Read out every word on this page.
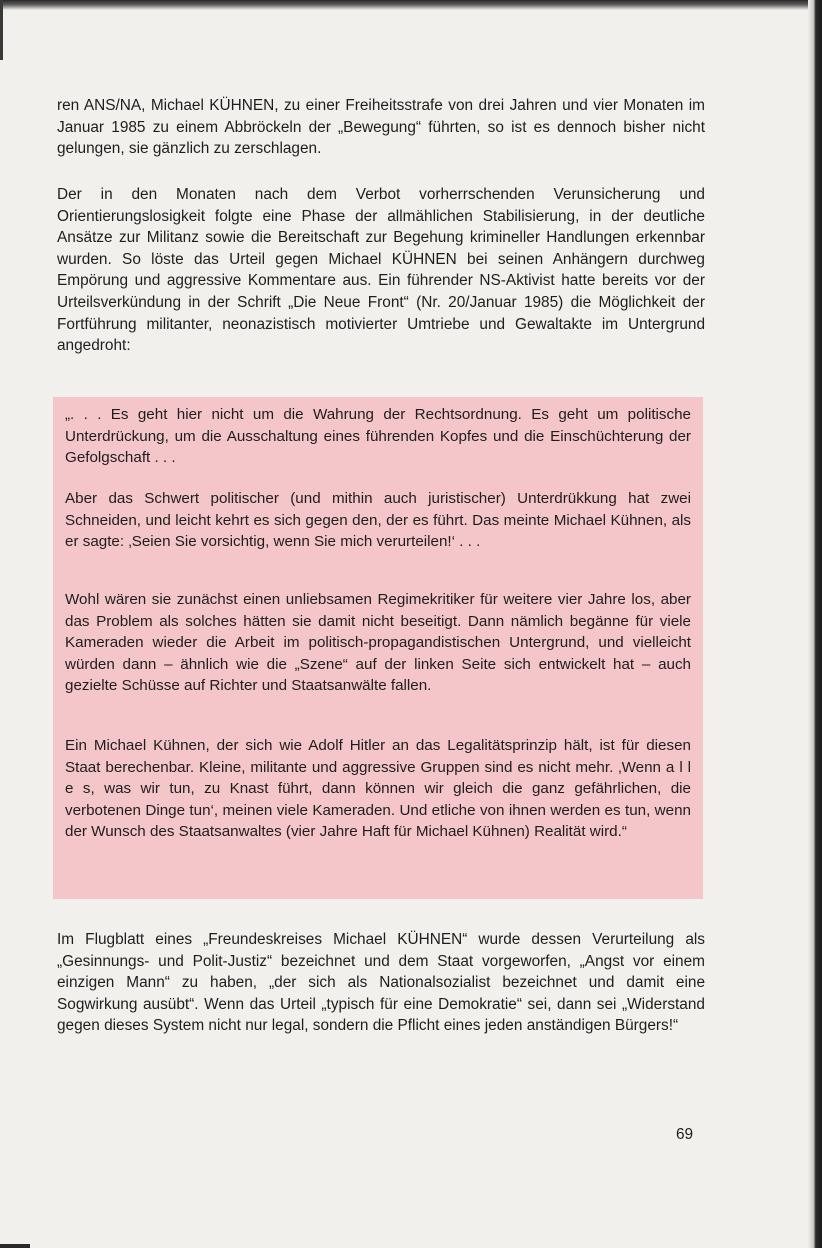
ren ANS/NA, Michael KÜHNEN, zu einer Freiheitsstrafe von drei Jahren und vier Monaten im Januar 1985 zu einem Abbröckeln der „Bewegung“ führten, so ist es dennoch bisher nicht gelungen, sie gänzlich zu zerschlagen.

Der in den Monaten nach dem Verbot vorherrschenden Verunsicherung und Orientierungslosigkeit folgte eine Phase der allmählichen Stabilisierung, in der deutliche Ansätze zur Militanz sowie die Bereitschaft zur Begehung krimineller Handlungen erkennbar wurden. So löste das Urteil gegen Michael KÜHNEN bei seinen Anhängern durchweg Empörung und aggressive Kommentare aus. Ein führender NS-Aktivist hatte bereits vor der Urteilsverkündung in der Schrift „Die Neue Front“ (Nr. 20/Januar 1985) die Möglichkeit der Fortführung militanter, neonazistisch motivierter Umtriebe und Gewaltakte im Untergrund angedroht:

„. . . Es geht hier nicht um die Wahrung der Rechtsordnung. Es geht um politische Unterdrückung, um die Ausschaltung eines führenden Kopfes und die Einschüchterung der Gefolgschaft . . .

Aber das Schwert politischer (und mithin auch juristischer) Unterdrükkung hat zwei Schneiden, und leicht kehrt es sich gegen den, der es führt. Das meinte Michael Kühnen, als er sagte: ‚Seien Sie vorsichtig, wenn Sie mich verurteilen!‘ . . .

Wohl wären sie zunächst einen unliebsamen Regimekritiker für weitere vier Jahre los, aber das Problem als solches hätten sie damit nicht beseitigt. Dann nämlich begänne für viele Kameraden wieder die Arbeit im politisch-propagandistischen Untergrund, und vielleicht würden dann – ähnlich wie die „Szene“ auf der linken Seite sich entwickelt hat – auch gezielte Schüsse auf Richter und Staatsanwälte fallen.

Ein Michael Kühnen, der sich wie Adolf Hitler an das Legalitätsprinzip hält, ist für diesen Staat berechenbar. Kleine, militante und aggressive Gruppen sind es nicht mehr. ‚Wenn a l l e s, was wir tun, zu Knast führt, dann können wir gleich die ganz gefährlichen, die verbotenen Dinge tun‘, meinen viele Kameraden. Und etliche von ihnen werden es tun, wenn der Wunsch des Staatsanwaltes (vier Jahre Haft für Michael Kühnen) Realität wird.“

Im Flugblatt eines „Freundeskreises Michael KÜHNEN“ wurde dessen Verurteilung als „Gesinnungs- und Polit-Justiz“ bezeichnet und dem Staat vorgeworfen, „Angst vor einem einzigen Mann“ zu haben, „der sich als Nationalsozialist bezeichnet und damit eine Sogwirkung ausübt“. Wenn das Urteil „typisch für eine Demokratie“ sei, dann sei „Widerstand gegen dieses System nicht nur legal, sondern die Pflicht eines jeden anständigen Bürgers!“

69
